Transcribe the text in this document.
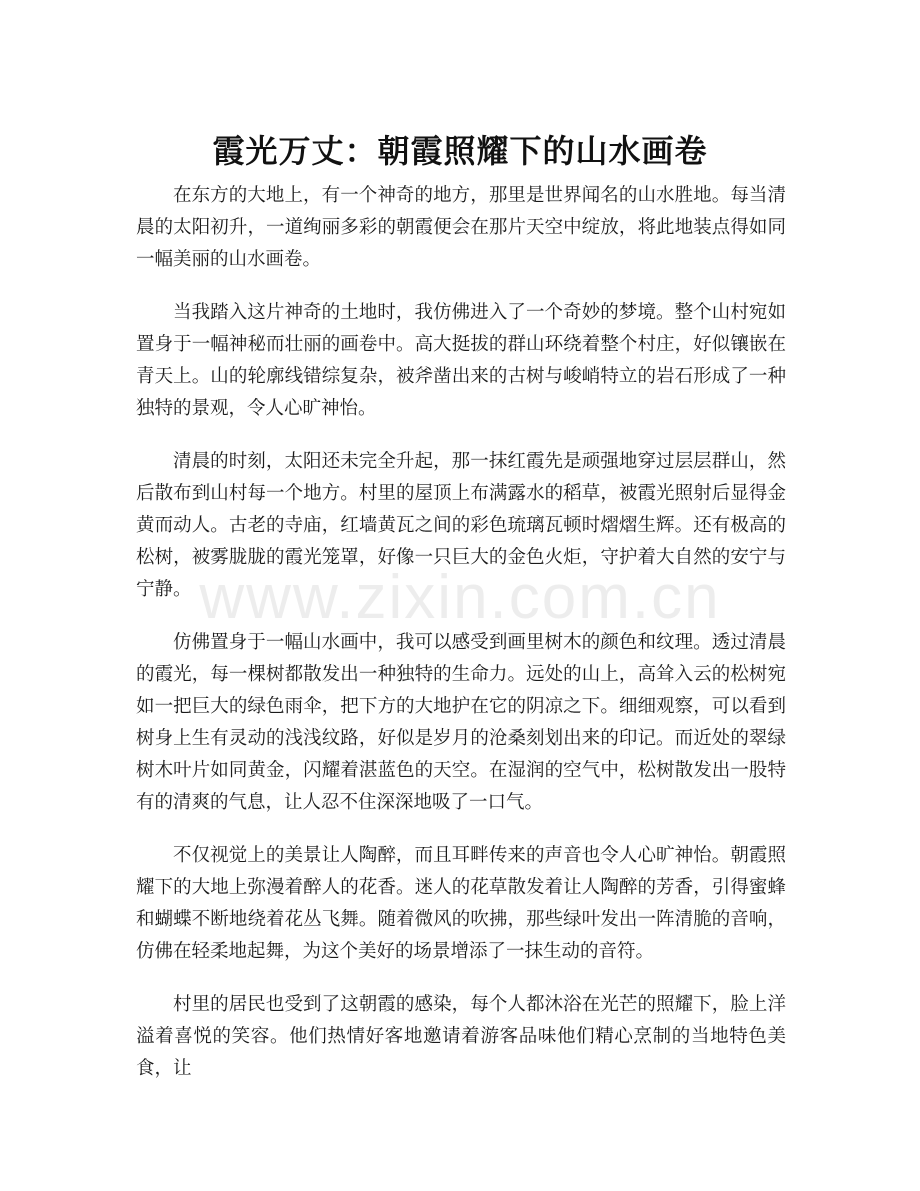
霞光万丈：朝霞照耀下的山水画卷

在东方的大地上，有一个神奇的地方，那里是世界闻名的山水胜地。每当清晨的太阳初升，一道绚丽多彩的朝霞便会在那片天空中绽放，将此地装点得如同一幅美丽的山水画卷。

当我踏入这片神奇的土地时，我仿佛进入了一个奇妙的梦境。整个山村宛如置身于一幅神秘而壮丽的画卷中。高大挺拔的群山环绕着整个村庄，好似镶嵌在青天上。山的轮廓线错综复杂，被斧凿出来的古树与峻峭特立的岩石形成了一种独特的景观，令人心旷神怡。

清晨的时刻，太阳还未完全升起，那一抹红霞先是顽强地穿过层层群山，然后散布到山村每一个地方。村里的屋顶上布满露水的稻草，被霞光照射后显得金黄而动人。古老的寺庙，红墙黄瓦之间的彩色琉璃瓦顿时熠熠生辉。还有极高的松树，被雾胧胧的霞光笼罩，好像一只巨大的金色火炬，守护着大自然的安宁与宁静。

仿佛置身于一幅山水画中，我可以感受到画里树木的颜色和纹理。透过清晨的霞光，每一棵树都散发出一种独特的生命力。远处的山上，高耸入云的松树宛如一把巨大的绿色雨伞，把下方的大地护在它的阴凉之下。细细观察，可以看到树身上生有灵动的浅浅纹路，好似是岁月的沧桑刻划出来的印记。而近处的翠绿树木叶片如同黄金，闪耀着湛蓝色的天空。在湿润的空气中，松树散发出一股特有的清爽的气息，让人忍不住深深地吸了一口气。

不仅视觉上的美景让人陶醉，而且耳畔传来的声音也令人心旷神怡。朝霞照耀下的大地上弥漫着醉人的花香。迷人的花草散发着让人陶醉的芳香，引得蜜蜂和蝴蝶不断地绕着花丛飞舞。随着微风的吹拂，那些绿叶发出一阵清脆的音响，仿佛在轻柔地起舞，为这个美好的场景增添了一抹生动的音符。

村里的居民也受到了这朝霞的感染，每个人都沐浴在光芒的照耀下，脸上洋溢着喜悦的笑容。他们热情好客地邀请着游客品味他们精心烹制的当地特色美食，让

www.zixin.com.cn
